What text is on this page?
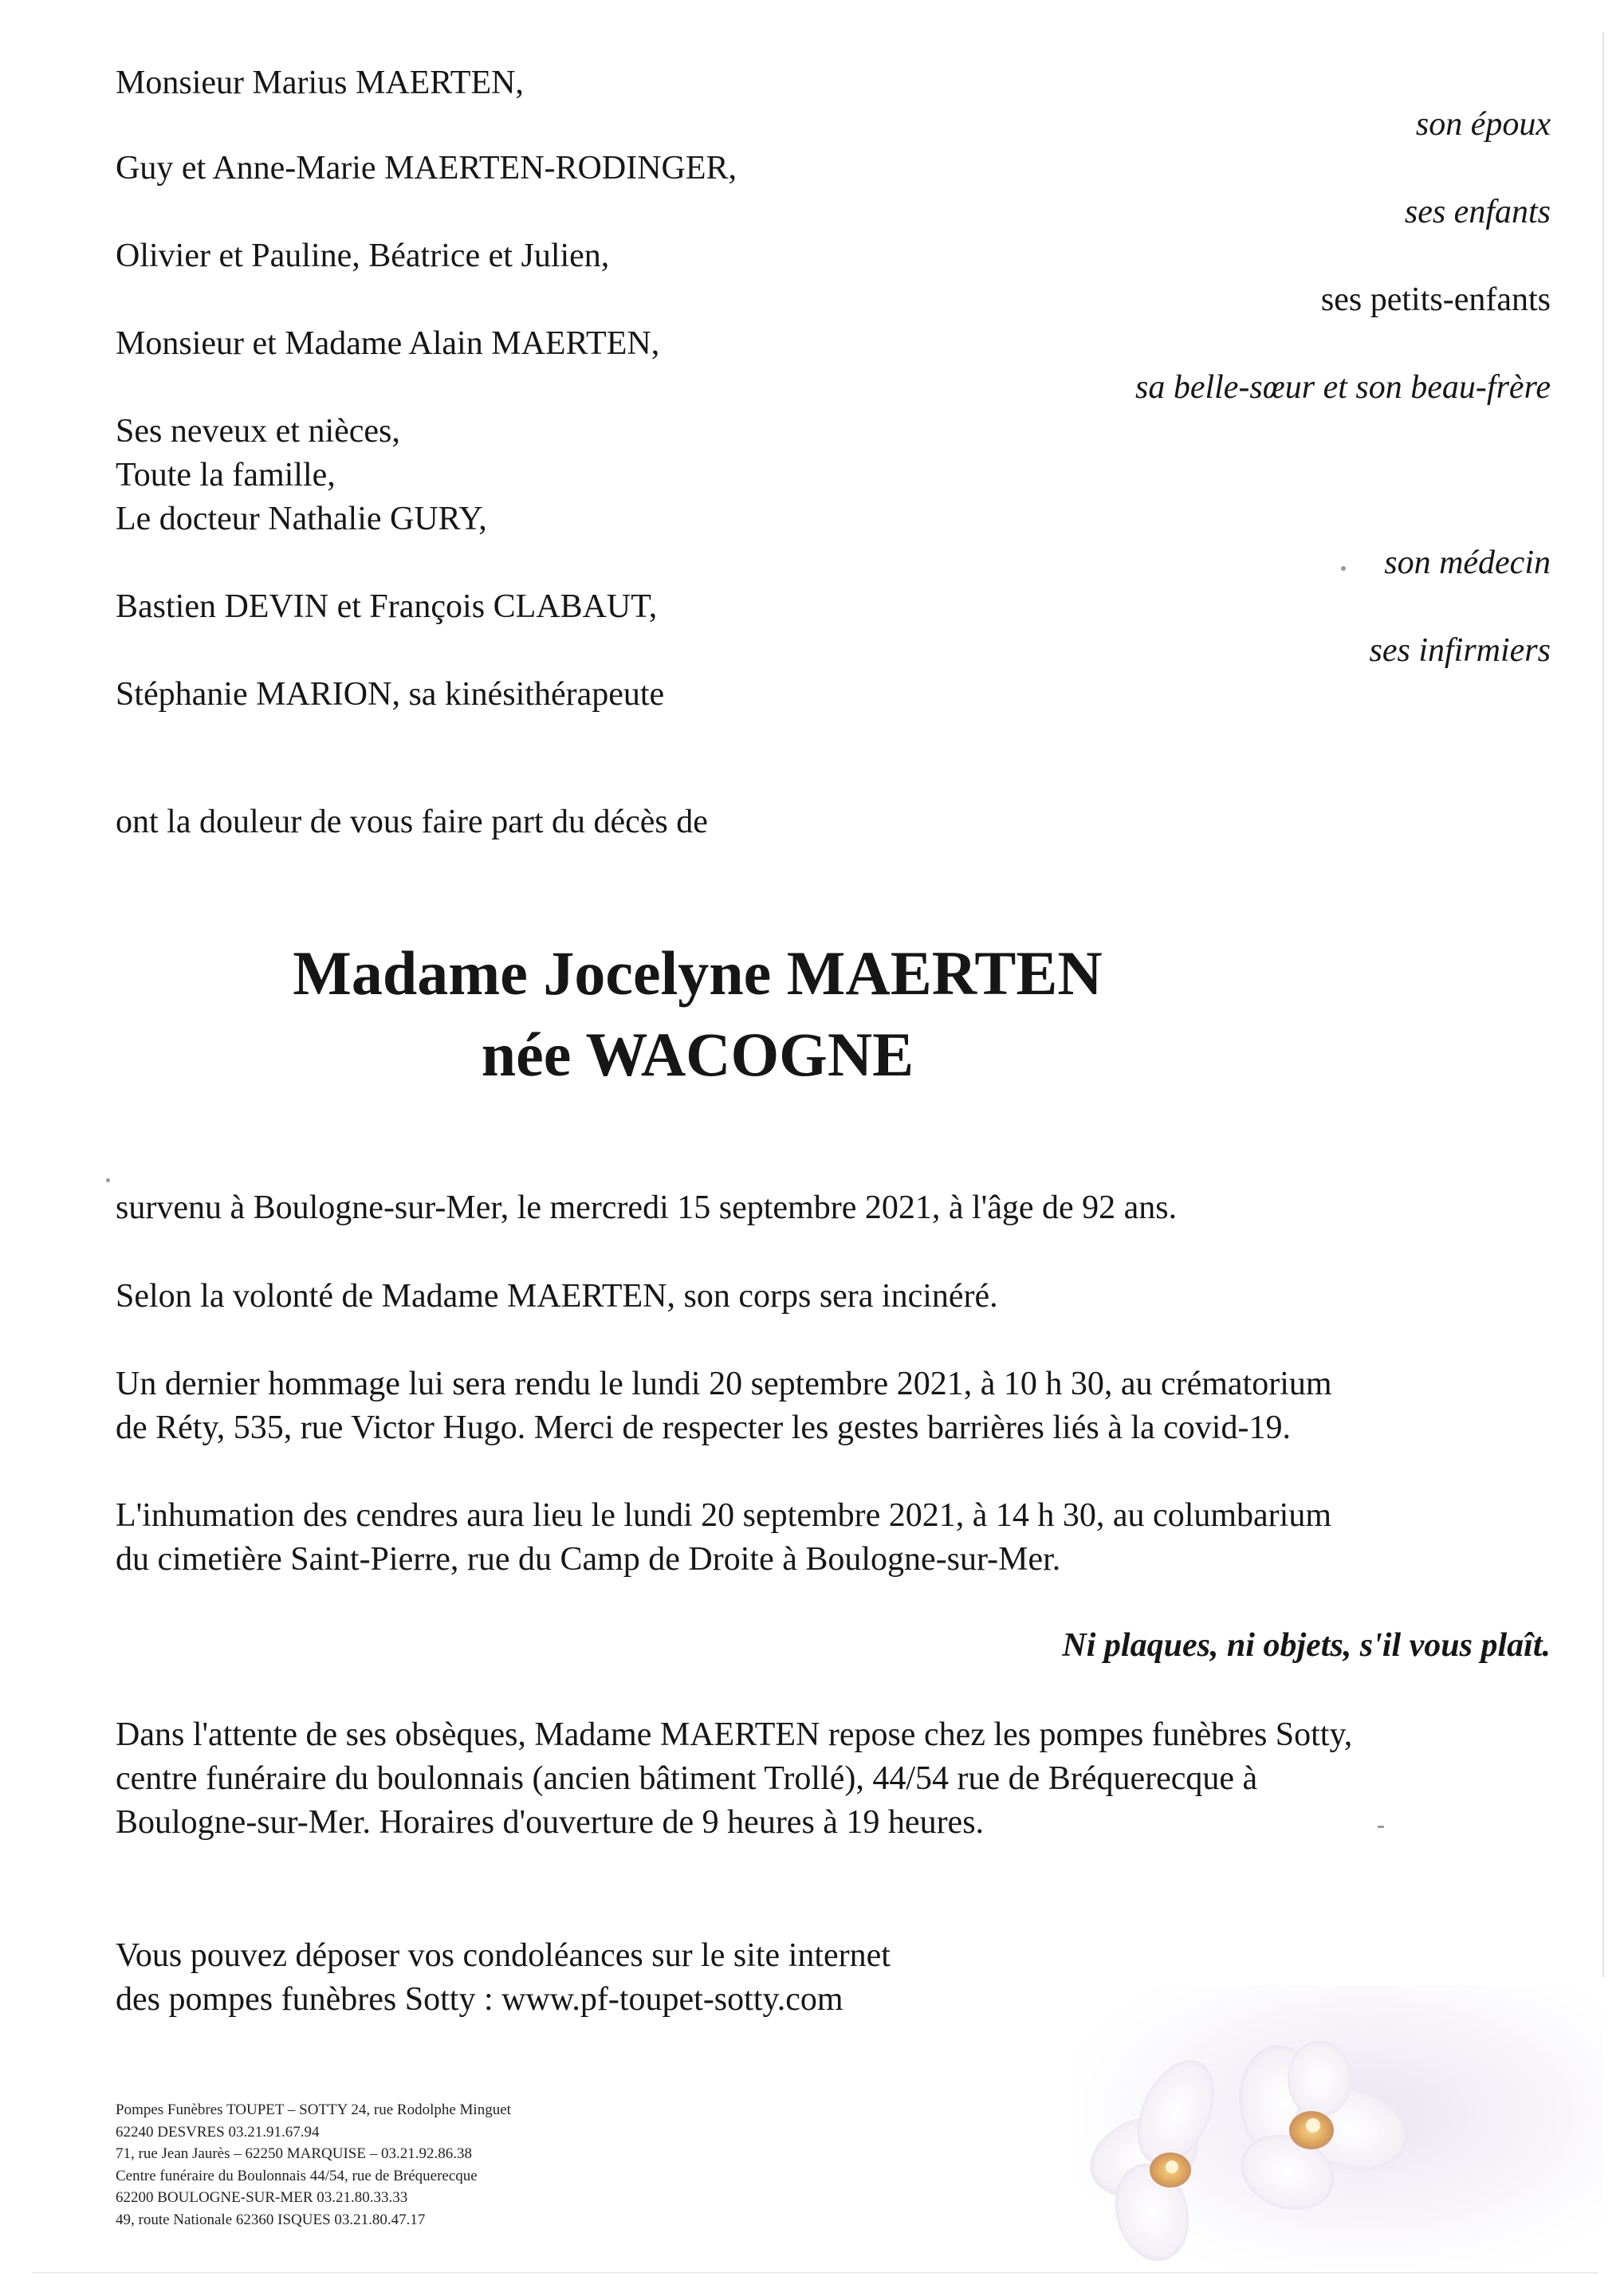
Monsieur Marius MAERTEN,
son époux
Guy et Anne-Marie MAERTEN-RODINGER,
ses enfants
Olivier et Pauline, Béatrice et Julien,
ses petits-enfants
Monsieur et Madame Alain MAERTEN,
sa belle-sœur et son beau-frère
Ses neveux et nièces,
Toute la famille,
Le docteur Nathalie GURY,
son médecin
Bastien DEVIN et François CLABAUT,
ses infirmiers
Stéphanie MARION, sa kinésithérapeute
ont la douleur de vous faire part du décès de
Madame Jocelyne MAERTEN
née WACOGNE
survenu à Boulogne-sur-Mer, le mercredi 15 septembre 2021, à l'âge de 92 ans.
Selon la volonté de Madame MAERTEN, son corps sera incinéré.
Un dernier hommage lui sera rendu le lundi 20 septembre 2021, à 10 h 30, au crématorium
de Réty, 535, rue Victor Hugo. Merci de respecter les gestes barrières liés à la covid-19.
L'inhumation des cendres aura lieu le lundi 20 septembre 2021, à 14 h 30, au columbarium
du cimetière Saint-Pierre, rue du Camp de Droite à Boulogne-sur-Mer.
Ni plaques, ni objets, s'il vous plaît.
Dans l'attente de ses obsèques, Madame MAERTEN repose chez les pompes funèbres Sotty,
centre funéraire du boulonnais (ancien bâtiment Trollé), 44/54 rue de Bréquerecque à
Boulogne-sur-Mer. Horaires d'ouverture de 9 heures à 19 heures.
Vous pouvez déposer vos condoléances sur le site internet
des pompes funèbres Sotty : www.pf-toupet-sotty.com
Pompes Funèbres TOUPET – SOTTY 24, rue Rodolphe Minguet
62240 DESVRES 03.21.91.67.94
71, rue Jean Jaurès – 62250 MARQUISE – 03.21.92.86.38
Centre funéraire du Boulonnais 44/54, rue de Bréquerecque
62200 BOULOGNE-SUR-MER 03.21.80.33.33
49, route Nationale 62360 ISQUES 03.21.80.47.17
